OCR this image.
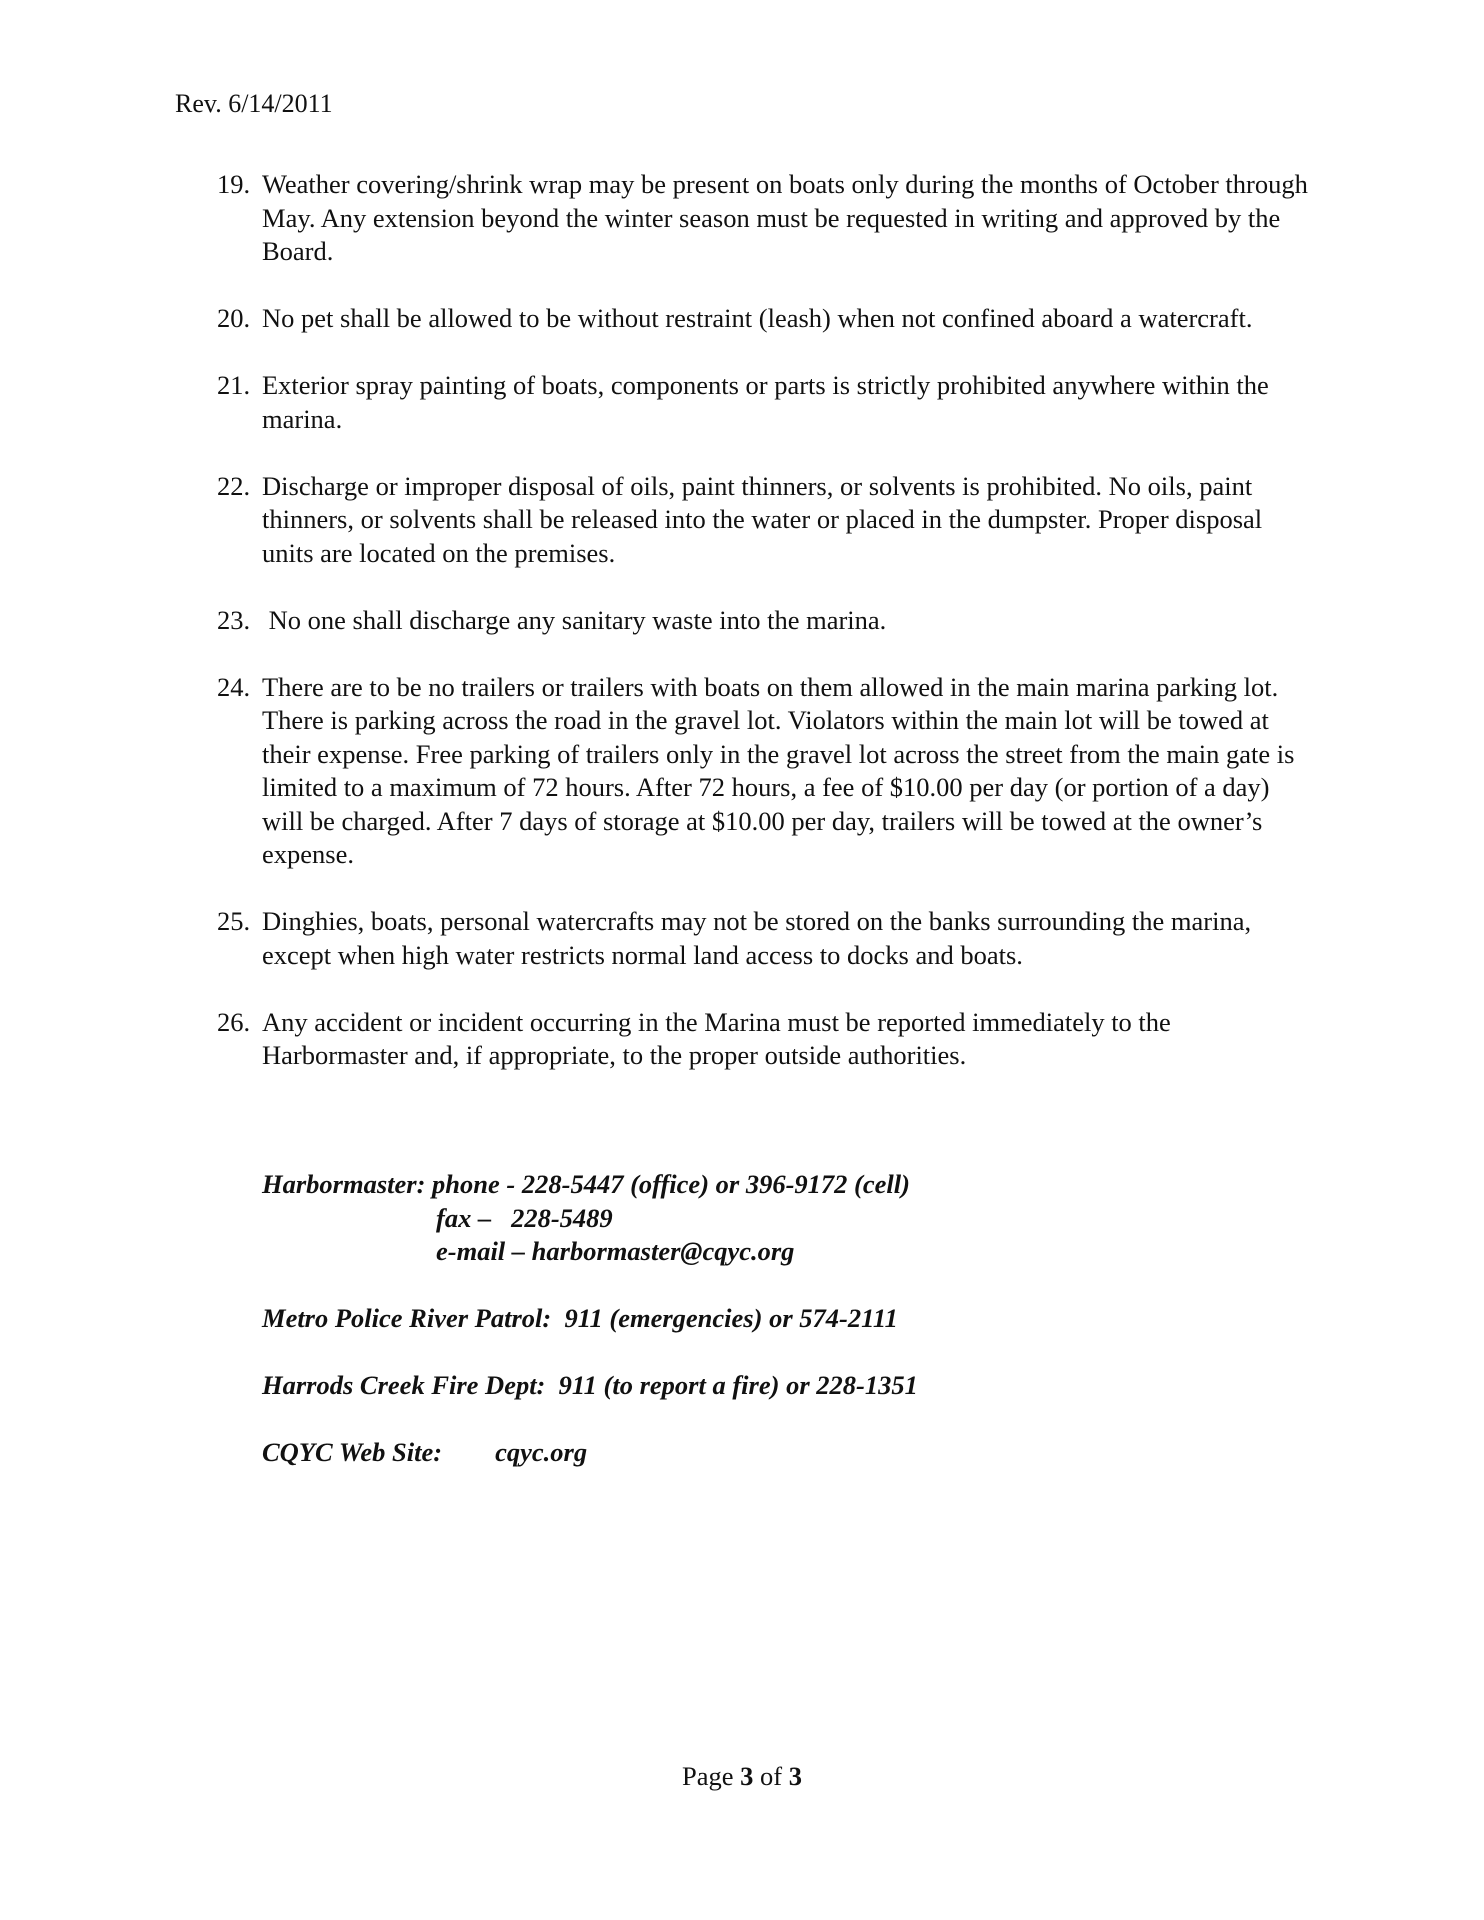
Rev. 6/14/2011
19. Weather covering/shrink wrap may be present on boats only during the months of October through May. Any extension beyond the winter season must be requested in writing and approved by the Board.
20. No pet shall be allowed to be without restraint (leash) when not confined aboard a watercraft.
21. Exterior spray painting of boats, components or parts is strictly prohibited anywhere within the marina.
22. Discharge or improper disposal of oils, paint thinners, or solvents is prohibited. No oils, paint thinners, or solvents shall be released into the water or placed in the dumpster. Proper disposal units are located on the premises.
23. No one shall discharge any sanitary waste into the marina.
24. There are to be no trailers or trailers with boats on them allowed in the main marina parking lot. There is parking across the road in the gravel lot. Violators within the main lot will be towed at their expense. Free parking of trailers only in the gravel lot across the street from the main gate is limited to a maximum of 72 hours. After 72 hours, a fee of $10.00 per day (or portion of a day) will be charged. After 7 days of storage at $10.00 per day, trailers will be towed at the owner’s expense.
25. Dinghies, boats, personal watercrafts may not be stored on the banks surrounding the marina, except when high water restricts normal land access to docks and boats.
26. Any accident or incident occurring in the Marina must be reported immediately to the Harbormaster and, if appropriate, to the proper outside authorities.
Harbormaster: phone - 228-5447 (office) or 396-9172 (cell)
fax –   228-5489
e-mail – harbormaster@cqyc.org
Metro Police River Patrol:  911 (emergencies) or 574-2111
Harrods Creek Fire Dept:  911 (to report a fire) or 228-1351
CQYC Web Site:        cqyc.org
Page 3 of 3
